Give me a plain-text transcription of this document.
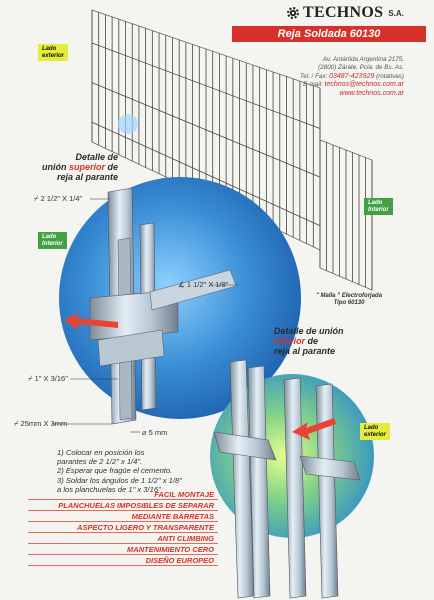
TECHNOS S.A.
Reja Soldada 60130
Av. Antártida Argentina 2175,
(2800) Zárate, Pcia. de Bs. As.
Tel. / Fax: 03487-423929 (rotativas)
E-mail: technos@technos.com.ar
www.technos.com.ar
Lado
exterior
Lado
Interior
Lado
Interior
Lado
exterior
Detalle de
unión superior de
reja al parante
Detalle de unión
inferior de
reja al parante
⌿ 2 1/2" X 1/4"
∡ 1 1/2" X 1/8"
⌿ 1" X 3/16"
⌿ 25mm X 3mm
⌀ 5 mm
" Malla " Electroforjada
Tipo 60130
1) Colocar en posición los
parantes de 2 1/2" x 1/4".
2) Esperar que fragüe el cemento.
3) Soldar los ángulos de 1 1/2" x 1/8"
a los planchuelas de 1" x 3/16"
FACIL MONTAJE
PLANCHUELAS IMPOSIBLES DE SEPARAR
MEDIANTE BARRETAS
ASPECTO LIGERO Y TRANSPARENTE
ANTI CLIMBING
MANTENIMIENTO CERO
DISEÑO EUROPEO
